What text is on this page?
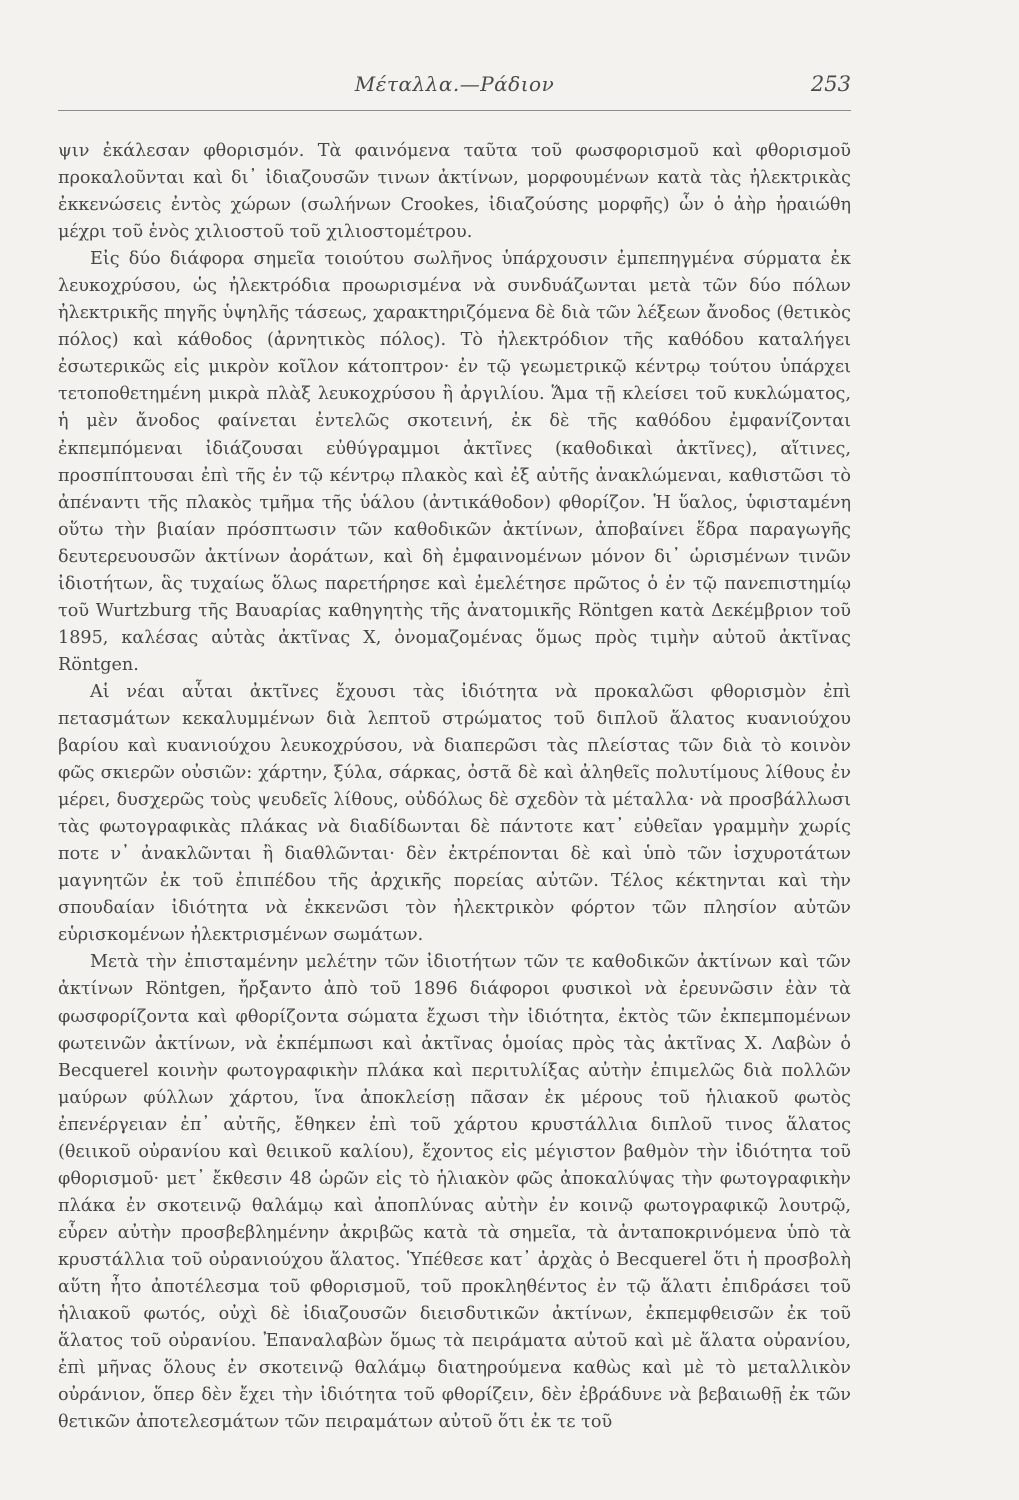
Μέταλλα.—Ράδιον	253

ψιν ἐκάλεσαν φθορισμόν. Τὰ φαινόμενα ταῦτα τοῦ φωσφορισμοῦ καὶ φθορισμοῦ προκαλοῦνται καὶ δι᾽ ἰδιαζουσῶν τινων ἀκτίνων, μορφουμένων κατὰ τὰς ἠλεκτρικὰς ἐκκενώσεις ἐντὸς χώρων (σωλήνων Crookes, ἰδιαζούσης μορφῆς) ὧν ὁ ἀὴρ ἠραιώθη μέχρι τοῦ ἑνὸς χιλιοστοῦ τοῦ χιλιοστομέτρου.

Εἰς δύο διάφορα σημεῖα τοιούτου σωλῆνος ὑπάρχουσιν ἐμπεπηγμένα σύρματα ἐκ λευκοχρύσου, ὡς ἠλεκτρόδια προωρισμένα νὰ συνδυάζωνται μετὰ τῶν δύο πόλων ἠλεκτρικῆς πηγῆς ὑψηλῆς τάσεως, χαρακτηριζόμενα δὲ διὰ τῶν λέξεων ἄνοδος (θετικὸς πόλος) καὶ κάθοδος (ἀρνητικὸς πόλος). Τὸ ἠλεκτρόδιον τῆς καθόδου καταλήγει ἐσωτερικῶς εἰς μικρὸν κοῖλον κάτοπτρον· ἐν τῷ γεωμετρικῷ κέντρῳ τούτου ὑπάρχει τετοποθετημένη μικρὰ πλὰξ λευκοχρύσου ἢ ἀργιλίου. Ἅμα τῇ κλείσει τοῦ κυκλώματος, ἡ μὲν ἄνοδος φαίνεται ἐντελῶς σκοτεινή, ἐκ δὲ τῆς καθόδου ἐμφανίζονται ἐκπεμπόμεναι ἰδιάζουσαι εὐθύγραμμοι ἀκτῖνες (καθοδικαὶ ἀκτῖνες), αἵτινες, προσπίπτουσαι ἐπὶ τῆς ἐν τῷ κέντρῳ πλακὸς καὶ ἐξ αὐτῆς ἀνακλώμεναι, καθιστῶσι τὸ ἀπέναντι τῆς πλακὸς τμῆμα τῆς ὑάλου (ἀντικάθοδον) φθορίζον. Ἡ ὕαλος, ὑφισταμένη οὕτω τὴν βιαίαν πρόσπτωσιν τῶν καθοδικῶν ἀκτίνων, ἀποβαίνει ἕδρα παραγωγῆς δευτερευουσῶν ἀκτίνων ἀοράτων, καὶ δὴ ἐμφαινομένων μόνον δι᾽ ὡρισμένων τινῶν ἰδιοτήτων, ἃς τυχαίως ὅλως παρετήρησε καὶ ἐμελέτησε πρῶτος ὁ ἐν τῷ πανεπιστημίῳ τοῦ Wurtzburg τῆς Βαυαρίας καθηγητὴς τῆς ἀνατομικῆς Röntgen κατὰ Δεκέμβριον τοῦ 1895, καλέσας αὐτὰς ἀκτῖνας X, ὀνομαζομένας ὅμως πρὸς τιμὴν αὐτοῦ ἀκτῖνας Röntgen.

Αἱ νέαι αὗται ἀκτῖνες ἔχουσι τὰς ἰδιότητα νὰ προκαλῶσι φθορισμὸν ἐπὶ πετασμάτων κεκαλυμμένων διὰ λεπτοῦ στρώματος τοῦ διπλοῦ ἅλατος κυανιούχου βαρίου καὶ κυανιούχου λευκοχρύσου, νὰ διαπερῶσι τὰς πλείστας τῶν διὰ τὸ κοινὸν φῶς σκιερῶν οὐσιῶν: χάρτην, ξύλα, σάρκας, ὀστᾶ δὲ καὶ ἀληθεῖς πολυτίμους λίθους ἐν μέρει, δυσχερῶς τοὺς ψευδεῖς λίθους, οὐδόλως δὲ σχεδὸν τὰ μέταλλα· νὰ προσβάλλωσι τὰς φωτογραφικὰς πλάκας νὰ διαδίδωνται δὲ πάντοτε κατ᾽ εὐθεῖαν γραμμὴν χωρίς ποτε ν᾽ ἀνακλῶνται ἢ διαθλῶνται· δὲν ἐκτρέπονται δὲ καὶ ὑπὸ τῶν ἰσχυροτάτων μαγνητῶν ἐκ τοῦ ἐπιπέδου τῆς ἀρχικῆς πορείας αὐτῶν. Τέλος κέκτηνται καὶ τὴν σπουδαίαν ἰδιότητα νὰ ἐκκενῶσι τὸν ἠλεκτρικὸν φόρτον τῶν πλησίον αὐτῶν εὑρισκομένων ἠλεκτρισμένων σωμάτων.

Μετὰ τὴν ἐπισταμένην μελέτην τῶν ἰδιοτήτων τῶν τε καθοδικῶν ἀκτίνων καὶ τῶν ἀκτίνων Röntgen, ἤρξαντο ἀπὸ τοῦ 1896 διάφοροι φυσικοὶ νὰ ἐρευνῶσιν ἐὰν τὰ φωσφορίζοντα καὶ φθορίζοντα σώματα ἔχωσι τὴν ἰδιότητα, ἐκτὸς τῶν ἐκπεμπομένων φωτεινῶν ἀκτίνων, νὰ ἐκπέμπωσι καὶ ἀκτῖνας ὁμοίας πρὸς τὰς ἀκτῖνας X. Λαβὼν ὁ Becquerel κοινὴν φωτογραφικὴν πλάκα καὶ περιτυλίξας αὐτὴν ἐπιμελῶς διὰ πολλῶν μαύρων φύλλων χάρτου, ἵνα ἀποκλείσῃ πᾶσαν ἐκ μέρους τοῦ ἡλιακοῦ φωτὸς ἐπενέργειαν ἐπ᾽ αὐτῆς, ἔθηκεν ἐπὶ τοῦ χάρτου κρυστάλλια διπλοῦ τινος ἅλατος (θειικοῦ οὐρανίου καὶ θειικοῦ καλίου), ἔχοντος εἰς μέγιστον βαθμὸν τὴν ἰδιότητα τοῦ φθορισμοῦ· μετ᾽ ἔκθεσιν 48 ὡρῶν εἰς τὸ ἡλιακὸν φῶς ἀποκαλύψας τὴν φωτογραφικὴν πλάκα ἐν σκοτεινῷ θαλάμῳ καὶ ἀποπλύνας αὐτὴν ἐν κοινῷ φωτογραφικῷ λουτρῷ, εὗρεν αὐτὴν προσβεβλημένην ἀκριβῶς κατὰ τὰ σημεῖα, τὰ ἀνταποκρινόμενα ὑπὸ τὰ κρυστάλλια τοῦ οὐρανιούχου ἅλατος. Ὑπέθεσε κατ᾽ ἀρχὰς ὁ Becquerel ὅτι ἡ προσβολὴ αὕτη ἦτο ἀποτέλεσμα τοῦ φθορισμοῦ, τοῦ προκληθέντος ἐν τῷ ἅλατι ἐπιδράσει τοῦ ἡλιακοῦ φωτός, οὐχὶ δὲ ἰδιαζουσῶν διεισδυτικῶν ἀκτίνων, ἐκπεμφθεισῶν ἐκ τοῦ ἅλατος τοῦ οὐρανίου. Ἐπαναλαβὼν ὅμως τὰ πειράματα αὐτοῦ καὶ μὲ ἅλατα οὐρανίου, ἐπὶ μῆνας ὅλους ἐν σκοτεινῷ θαλάμῳ διατηρούμενα καθὼς καὶ μὲ τὸ μεταλλικὸν οὐράνιον, ὅπερ δὲν ἔχει τὴν ἰδιότητα τοῦ φθορίζειν, δὲν ἐβράδυνε νὰ βεβαιωθῇ ἐκ τῶν θετικῶν ἀποτελεσμάτων τῶν πειραμάτων αὐτοῦ ὅτι ἐκ τε τοῦ
